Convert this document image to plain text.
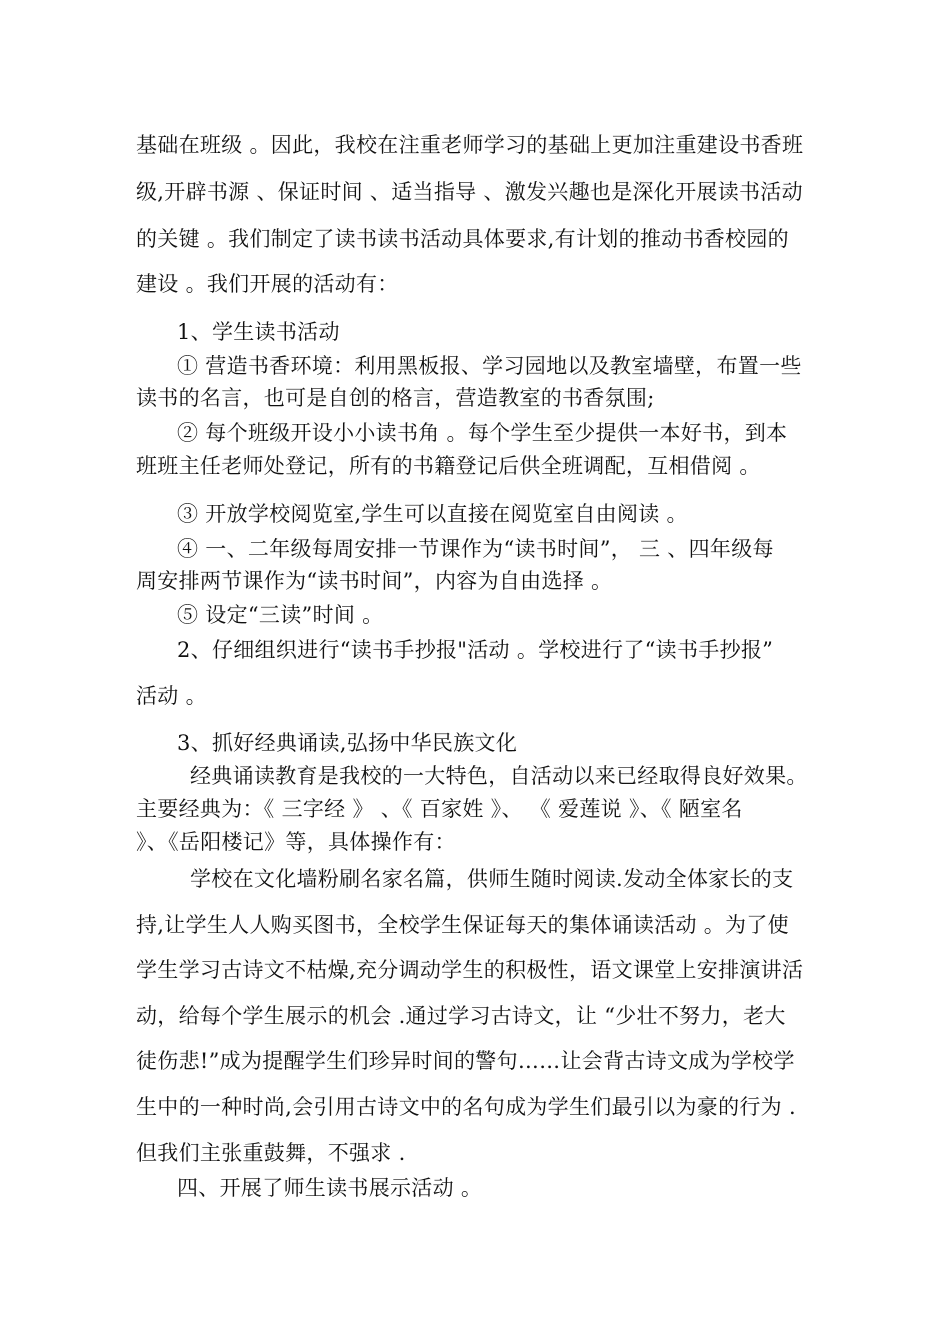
基础在班级 。因此，我校在注重老师学习的基础上更加注重建设书香班
级,开辟书源 、保证时间 、适当指导 、激发兴趣也是深化开展读书活动
的关键 。我们制定了读书读书活动具体要求,有计划的推动书香校园的
建设 。我们开展的活动有：
1、学生读书活动
① 营造书香环境：利用黑板报、学习园地以及教室墙壁，布置一些
读书的名言，也可是自创的格言，营造教室的书香氛围;
② 每个班级开设小小读书角 。每个学生至少提供一本好书，到本
班班主任老师处登记，所有的书籍登记后供全班调配，互相借阅 。
③ 开放学校阅览室,学生可以直接在阅览室自由阅读 。
④ 一、二年级每周安排一节课作为“读书时间”， 三 、四年级每
周安排两节课作为“读书时间”，内容为自由选择 。
⑤ 设定“三读”时间 。
2、仔细组织进行“读书手抄报"活动 。学校进行了“读书手抄报”
活动 。
3、抓好经典诵读,弘扬中华民族文化
经典诵读教育是我校的一大特色，自活动以来已经取得良好效果。
主要经典为：《 三字经 》 、《 百家姓 》、 《 爱莲说 》、《 陋室名
》、《岳阳楼记》等，具体操作有：
学校在文化墙粉刷名家名篇，供师生随时阅读.发动全体家长的支
持,让学生人人购买图书，全校学生保证每天的集体诵读活动 。为了使
学生学习古诗文不枯燥,充分调动学生的积极性，语文课堂上安排演讲活
动，给每个学生展示的机会 .通过学习古诗文，让 “少壮不努力，老大
徒伤悲!”成为提醒学生们珍异时间的警句……让会背古诗文成为学校学
生中的一种时尚,会引用古诗文中的名句成为学生们最引以为豪的行为 .
但我们主张重鼓舞，不强求 .
四、开展了师生读书展示活动 。
